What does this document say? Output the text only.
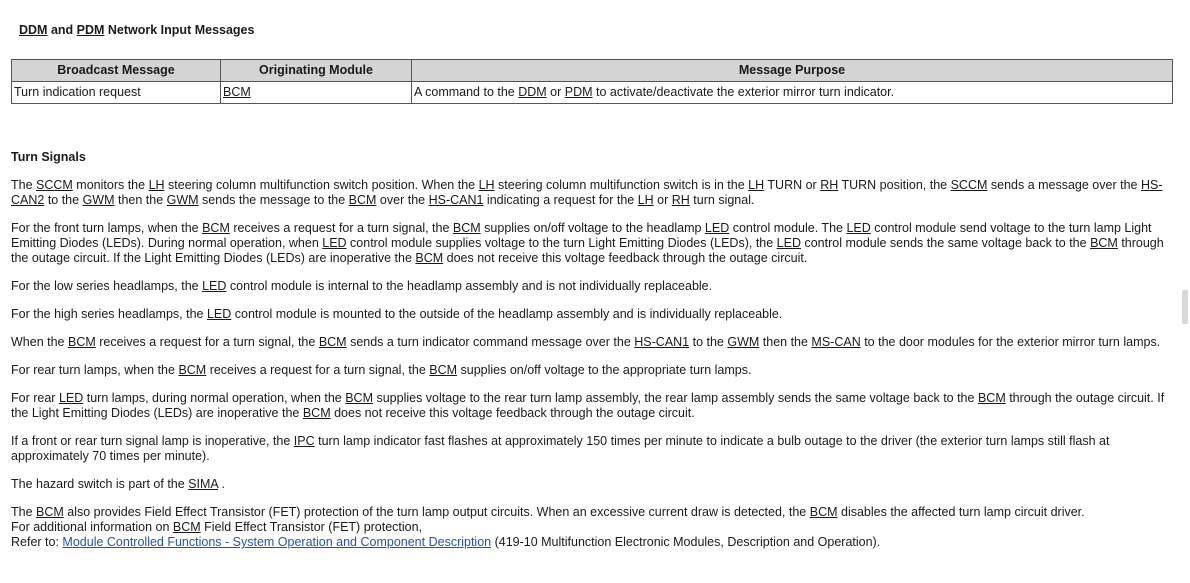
DDM and PDM Network Input Messages
Broadcast Message	Originating Module	Message Purpose
Turn indication request	BCM	A command to the DDM or PDM to activate/deactivate the exterior mirror turn indicator.
Turn Signals

The SCCM monitors the LH steering column multifunction switch position. When the LH steering column multifunction switch is in the LH TURN or RH TURN position, the SCCM sends a message over the HS-CAN2 to the GWM then the GWM sends the message to the BCM over the HS-CAN1 indicating a request for the LH or RH turn signal.

For the front turn lamps, when the BCM receives a request for a turn signal, the BCM supplies on/off voltage to the headlamp LED control module. The LED control module send voltage to the turn lamp Light Emitting Diodes (LEDs). During normal operation, when LED control module supplies voltage to the turn Light Emitting Diodes (LEDs), the LED control module sends the same voltage back to the BCM through the outage circuit. If the Light Emitting Diodes (LEDs) are inoperative the BCM does not receive this voltage feedback through the outage circuit.

For the low series headlamps, the LED control module is internal to the headlamp assembly and is not individually replaceable.

For the high series headlamps, the LED control module is mounted to the outside of the headlamp assembly and is individually replaceable.

When the BCM receives a request for a turn signal, the BCM sends a turn indicator command message over the HS-CAN1 to the GWM then the MS-CAN to the door modules for the exterior mirror turn lamps.

For rear turn lamps, when the BCM receives a request for a turn signal, the BCM supplies on/off voltage to the appropriate turn lamps.

For rear LED turn lamps, during normal operation, when the BCM supplies voltage to the rear turn lamp assembly, the rear lamp assembly sends the same voltage back to the BCM through the outage circuit. If the Light Emitting Diodes (LEDs) are inoperative the BCM does not receive this voltage feedback through the outage circuit.

If a front or rear turn signal lamp is inoperative, the IPC turn lamp indicator fast flashes at approximately 150 times per minute to indicate a bulb outage to the driver (the exterior turn lamps still flash at approximately 70 times per minute).

The hazard switch is part of the SIMA .

The BCM also provides Field Effect Transistor (FET) protection of the turn lamp output circuits. When an excessive current draw is detected, the BCM disables the affected turn lamp circuit driver.
For additional information on BCM Field Effect Transistor (FET) protection,
Refer to: Module Controlled Functions - System Operation and Component Description (419-10 Multifunction Electronic Modules, Description and Operation).
